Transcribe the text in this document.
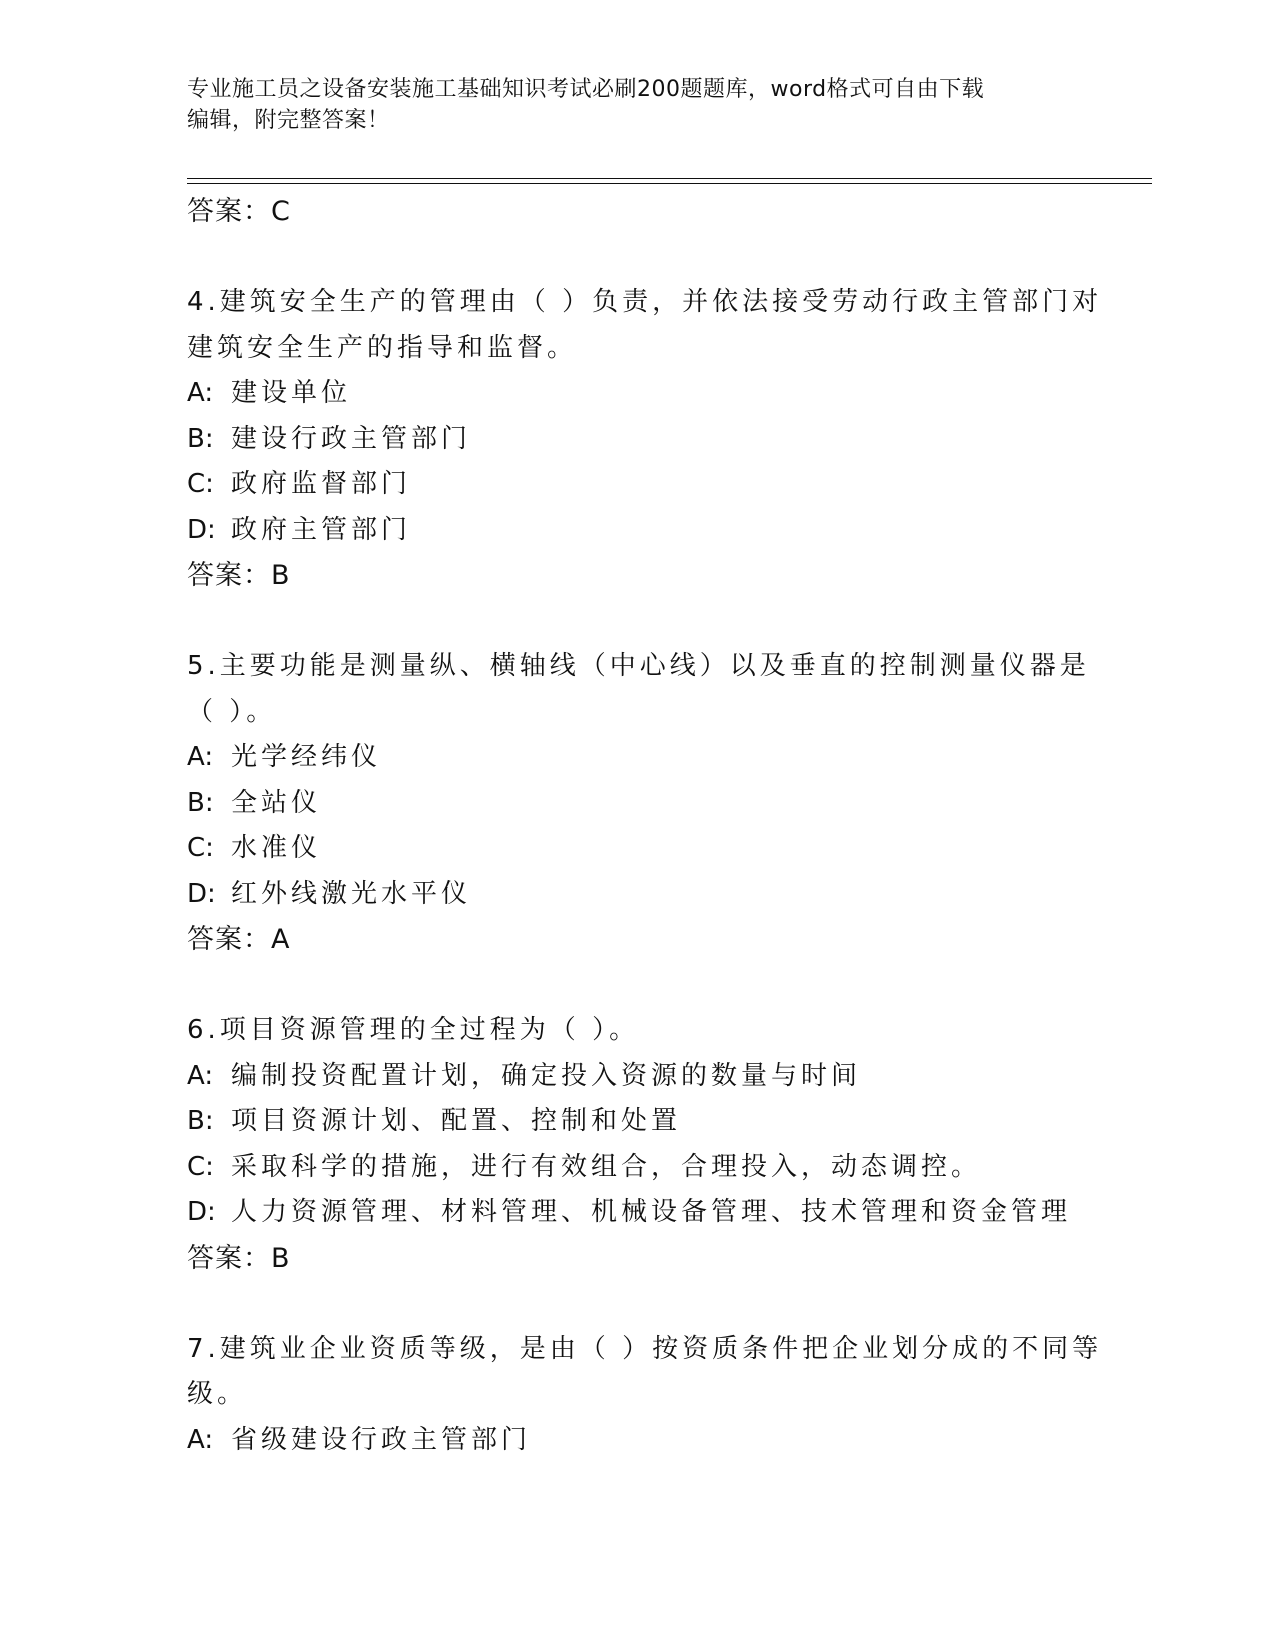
专业施工员之设备安装施工基础知识考试必刷200题题库，word格式可自由下载
编辑，附完整答案！
答案：C
4.建筑安全生产的管理由（ ）负责，并依法接受劳动行政主管部门对
建筑安全生产的指导和监督。
A: 建设单位
B: 建设行政主管部门
C: 政府监督部门
D: 政府主管部门
答案：B
5.主要功能是测量纵、横轴线（中心线）以及垂直的控制测量仪器是
（ ）。
A: 光学经纬仪
B: 全站仪
C: 水准仪
D: 红外线激光水平仪
答案：A
6.项目资源管理的全过程为（ ）。
A: 编制投资配置计划，确定投入资源的数量与时间
B: 项目资源计划、配置、控制和处置
C: 采取科学的措施，进行有效组合，合理投入，动态调控。
D: 人力资源管理、材料管理、机械设备管理、技术管理和资金管理
答案：B
7.建筑业企业资质等级，是由（ ）按资质条件把企业划分成的不同等
级。
A: 省级建设行政主管部门
